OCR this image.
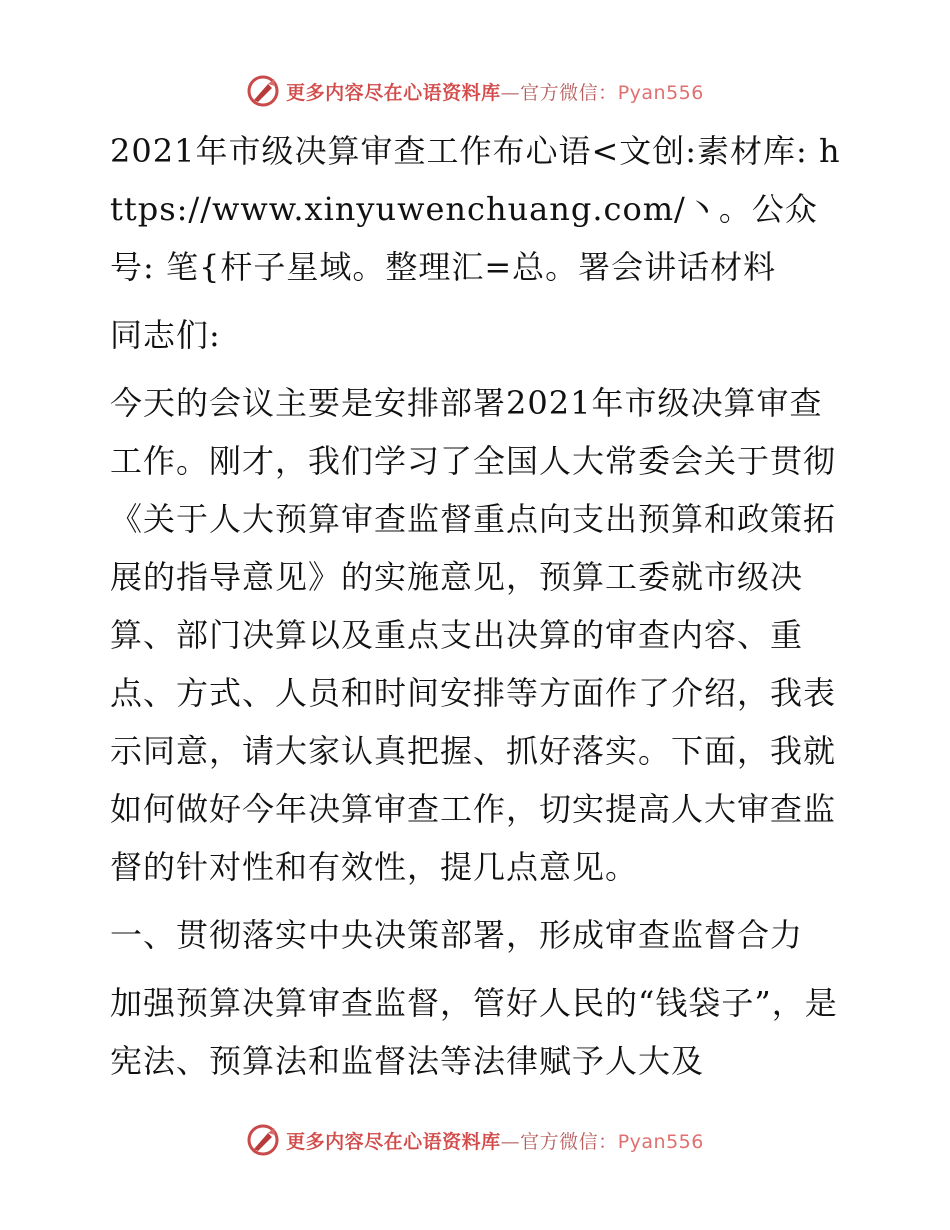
更多内容尽在心语资料库—官方微信：Pyan556

2021年市级决算审查工作布心语<文创:素材库: https://www.xinyuwenchuang.com/丶。公众号: 笔{杆子星域。整理汇=总。署会讲话材料

同志们:

今天的会议主要是安排部署2021年市级决算审查工作。刚才，我们学习了全国人大常委会关于贯彻《关于人大预算审查监督重点向支出预算和政策拓展的指导意见》的实施意见，预算工委就市级决算、部门决算以及重点支出决算的审查内容、重点、方式、人员和时间安排等方面作了介绍，我表示同意，请大家认真把握、抓好落实。下面，我就如何做好今年决算审查工作，切实提高人大审查监督的针对性和有效性，提几点意见。

一、贯彻落实中央决策部署，形成审查监督合力

加强预算决算审查监督，管好人民的“钱袋子”，是宪法、预算法和监督法等法律赋予人大及

更多内容尽在心语资料库—官方微信：Pyan556
